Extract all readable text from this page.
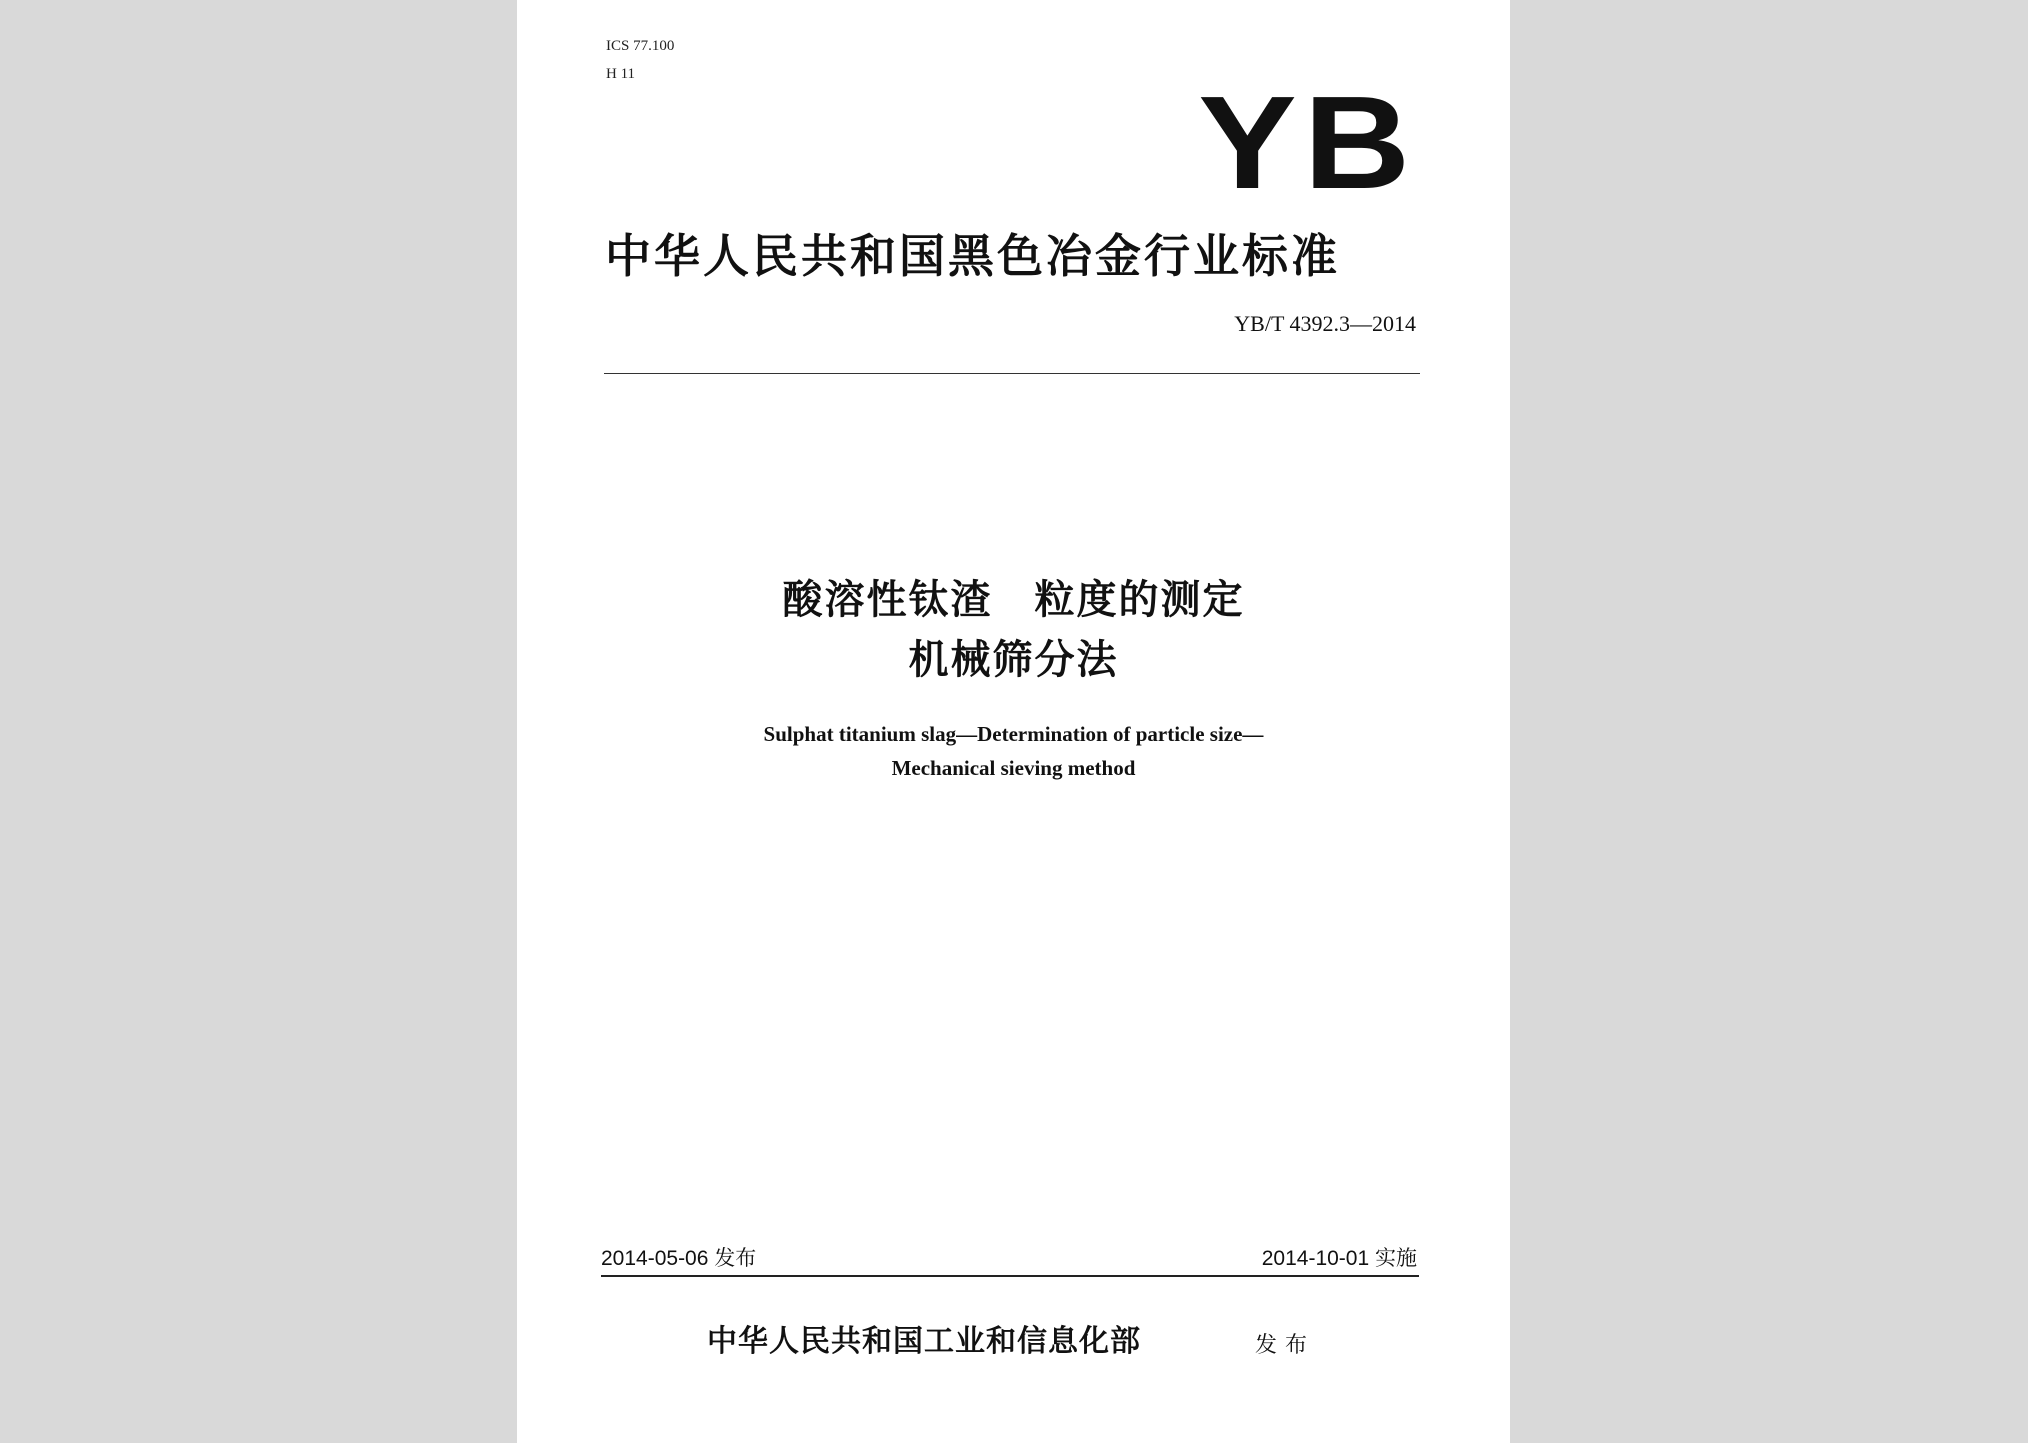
ICS 77.100
H 11	YB
中华人民共和国黑色冶金行业标准
YB/T 4392.3—2014
酸溶性钛渣　粒度的测定
机械筛分法
Sulphat titanium slag—Determination of particle size—
Mechanical sieving method
2014-05-06 发布	2014-10-01 实施
中华人民共和国工业和信息化部	发布
